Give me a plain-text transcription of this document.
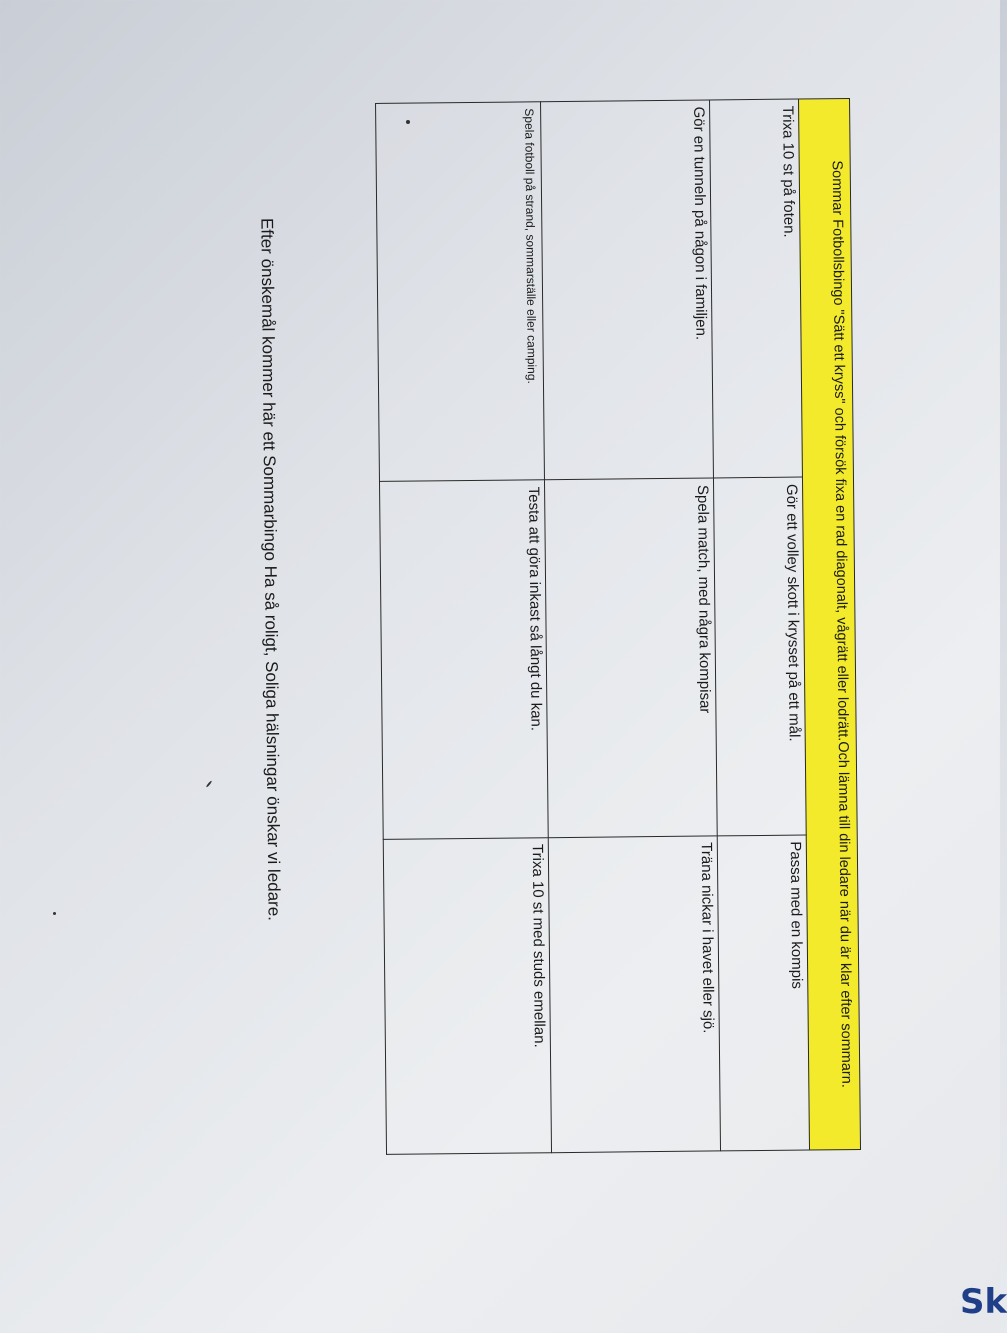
Sommar Fotbollsbingo "Sätt ett kryss" och försök fixa en rad diagonalt, vågrätt eller lodrätt.Och lämna till din ledare när du är klar efter sommarn.		
Trixa 10 st på foten.	Gör ett volley skott i krysset på ett mål.	Passa med en kompis
Gör en tunneln på någon i familjen.	Spela match, med några kompisar	Träna nickar i havet eller sjö.
Spela fotboll på strand, sommarställe eller camping.	Testa att göra inkast så långt du kan.	Trixa 10 st med studs emellan.
Efter önskemål kommer här ett Sommarbingo Ha så roligt, Soliga hälsningar önskar vi ledare.
Sk
